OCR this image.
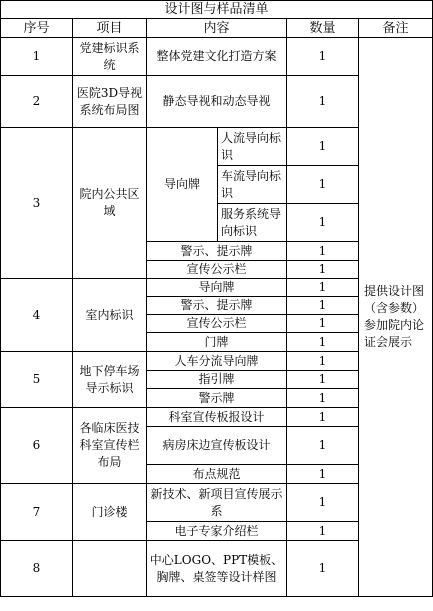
设计图与样品清单					
序号	项目	内容		数量	备注
1	党建标识系统	整体党建文化打造方案		1	提供设计图（含参数）参加院内论证会展示

2	医院3D导视系统布局图	静态导视和动态导视		1	
3	院内公共区域	导向牌	人流导向标识	1	
			车流导向标识	1	
			服务系统导向标识	1	
		警示、提示牌		1	
		宣传公示栏		1	
4	室内标识	导向牌		1	
		警示、提示牌		1	
		宣传公示栏		1	
		门牌		1	
5	地下停车场导示标识	人车分流导向牌		1	
		指引牌		1	
		警示牌		1	
6	各临床医技科室宣传栏布局	科室宣传板报设计		1	
		病房床边宣传板设计		1	
		布点规范		1	
7	门诊楼	新技术、新项目宣传展示系		1	
		电子专家介绍栏		1	
8		中心LOGO、PPT模板、胸牌、桌签等设计样图		1	
